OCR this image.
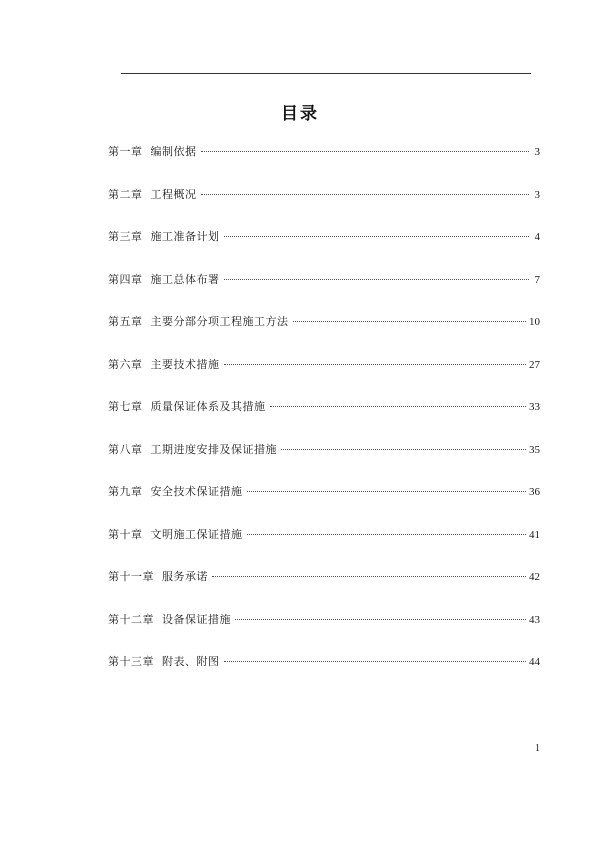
目录
第一章 编制依据	3
第二章 工程概况	3
第三章 施工准备计划	4
第四章 施工总体布署	7
第五章 主要分部分项工程施工方法	10
第六章 主要技术措施	27
第七章 质量保证体系及其措施	33
第八章 工期进度安排及保证措施	35
第九章 安全技术保证措施	36
第十章 文明施工保证措施	41
第十一章 服务承诺	42
第十二章 设备保证措施	43
第十三章 附表、附图	44
1
